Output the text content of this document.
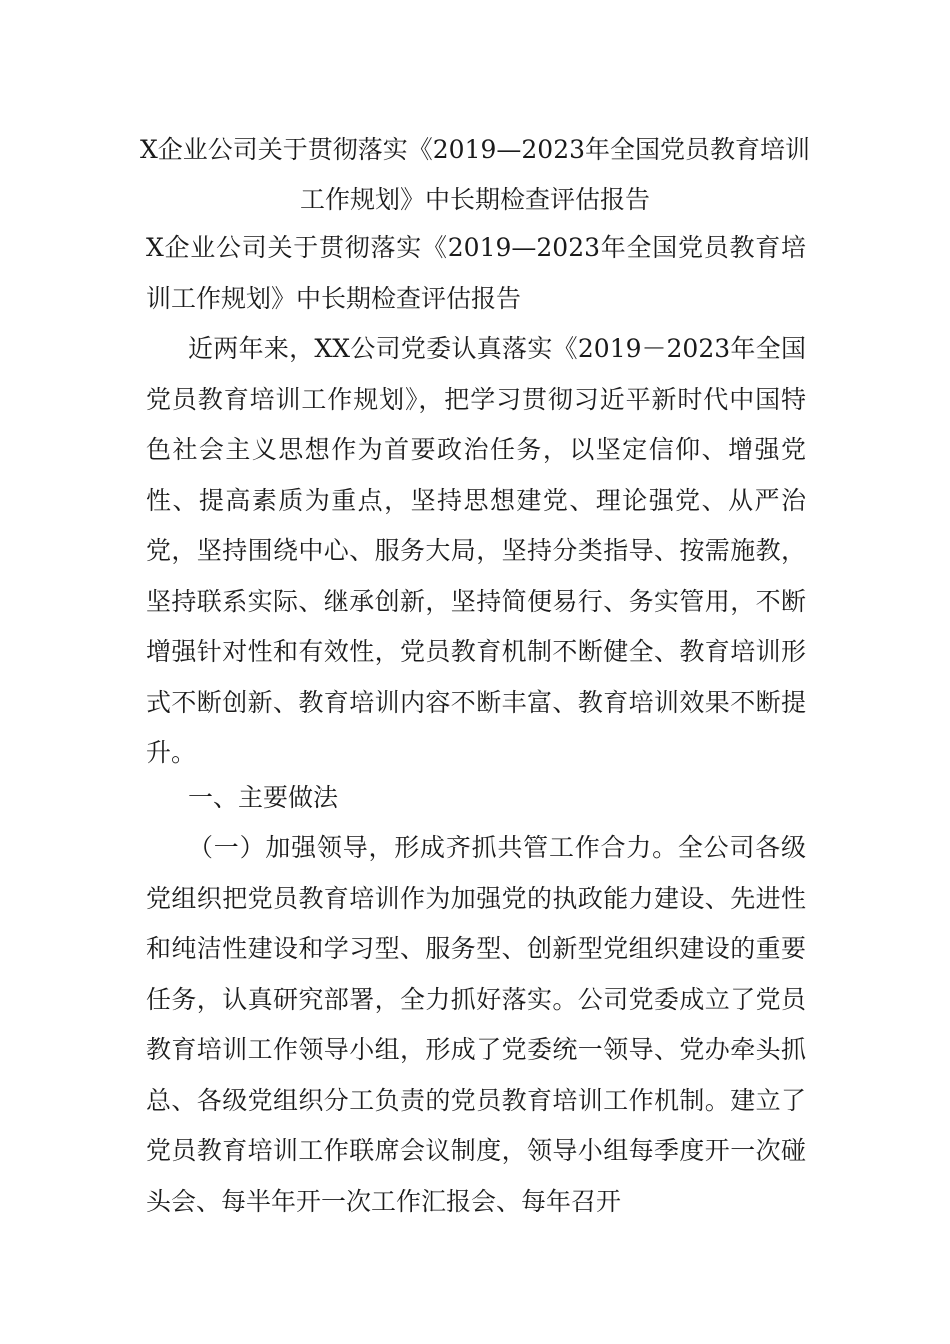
X企业公司关于贯彻落实《2019—2023年全国党员教育培训工作规划》中长期检查评估报告

X企业公司关于贯彻落实《2019—2023年全国党员教育培训工作规划》中长期检查评估报告

近两年来，XX公司党委认真落实《2019－2023年全国党员教育培训工作规划》，把学习贯彻习近平新时代中国特色社会主义思想作为首要政治任务，以坚定信仰、增强党性、提高素质为重点，坚持思想建党、理论强党、从严治党，坚持围绕中心、服务大局，坚持分类指导、按需施教，坚持联系实际、继承创新，坚持简便易行、务实管用，不断增强针对性和有效性，党员教育机制不断健全、教育培训形式不断创新、教育培训内容不断丰富、教育培训效果不断提升。

一、主要做法

（一）加强领导，形成齐抓共管工作合力。全公司各级党组织把党员教育培训作为加强党的执政能力建设、先进性和纯洁性建设和学习型、服务型、创新型党组织建设的重要任务，认真研究部署，全力抓好落实。公司党委成立了党员教育培训工作领导小组，形成了党委统一领导、党办牵头抓总、各级党组织分工负责的党员教育培训工作机制。建立了党员教育培训工作联席会议制度，领导小组每季度开一次碰头会、每半年开一次工作汇报会、每年召开
